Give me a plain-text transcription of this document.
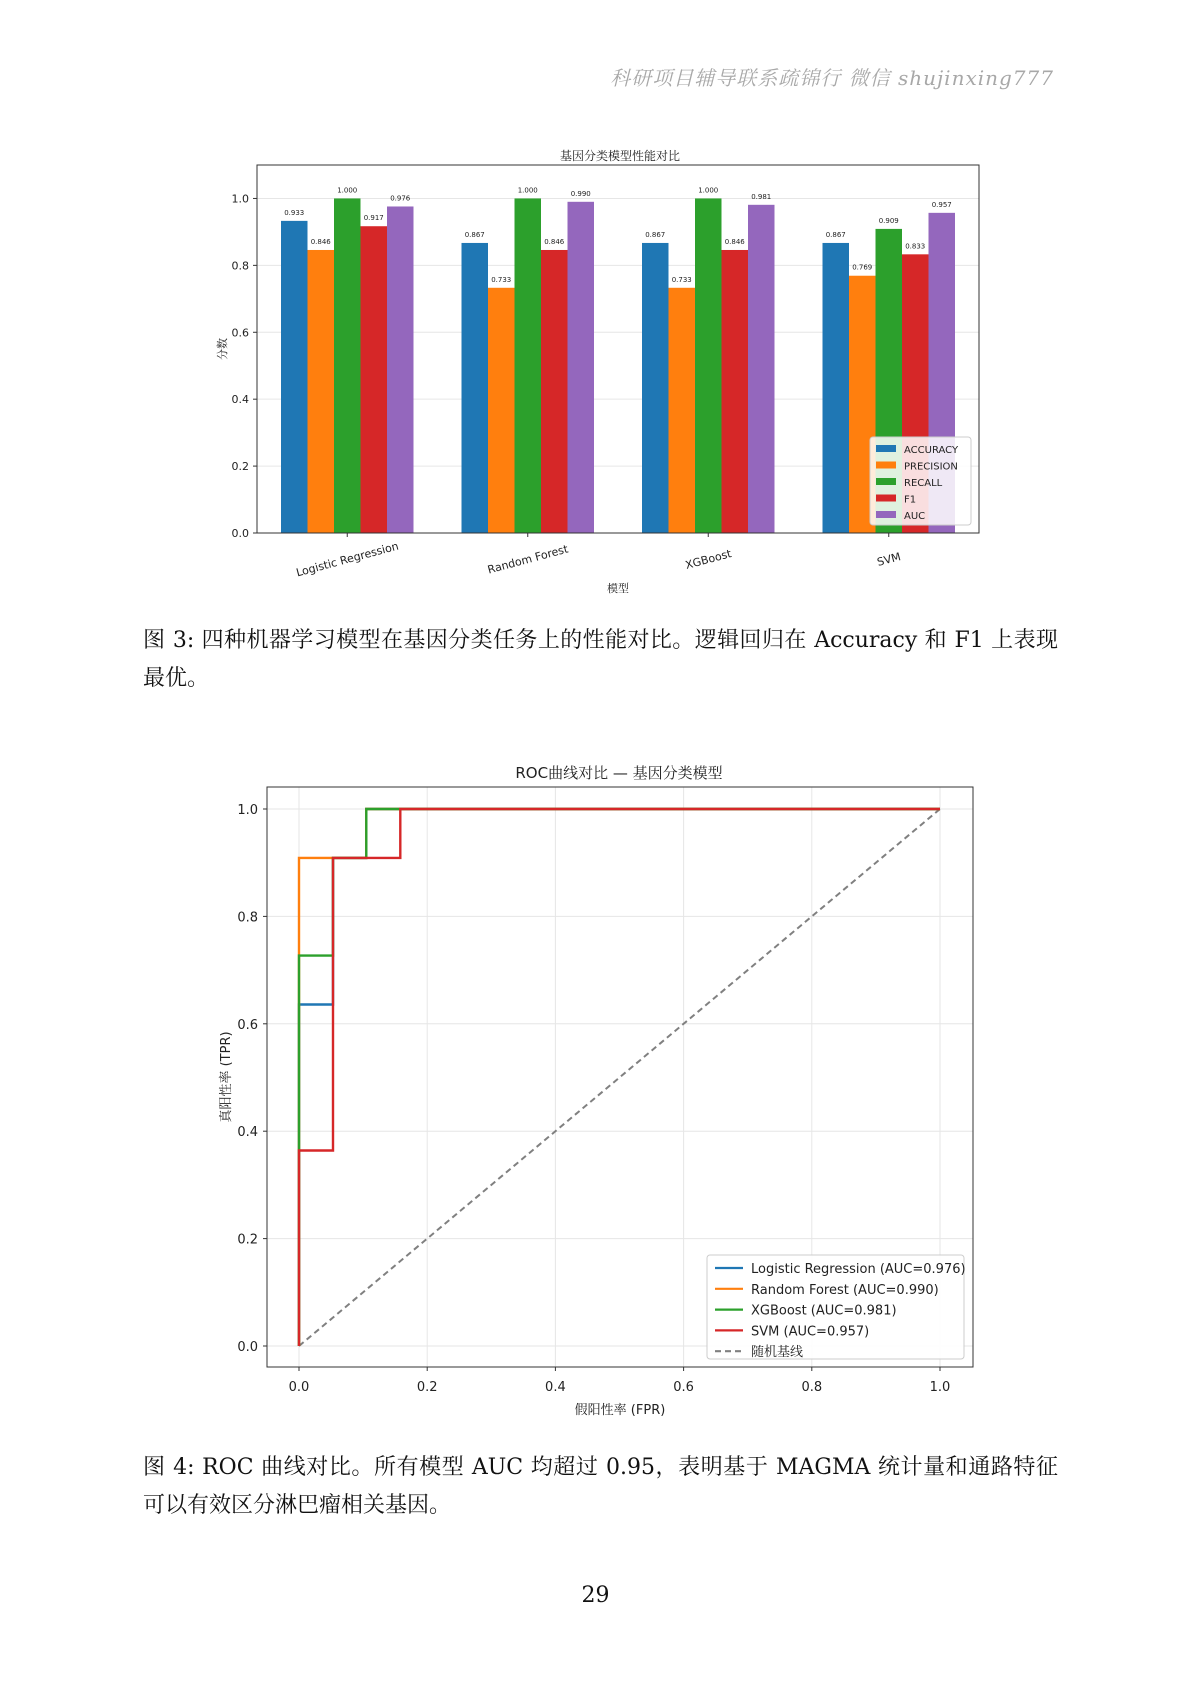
科研项目辅导联系疏锦行 微信 shujinxing777
基因分类模型性能对比
0.933
0.846
1.000
0.917
0.976
0.867
0.733
1.000
0.846
0.990
0.867
0.733
1.000
0.846
0.981
0.867
0.769
0.909
0.833
0.957
0.0
0.2
0.4
0.6
0.8
1.0
Logistic Regression	Random Forest	XGBoost	SVM
分数
模型
ACCURACY
PRECISION
RECALL
F1
AUC
图 3: 四种机器学习模型在基因分类任务上的性能对比。逻辑回归在 Accuracy 和 F1 上表现最优。
ROC曲线对比 — 基因分类模型
0.0
0.2
0.4
0.6
0.8
1.0
0.0	0.2	0.4	0.6	0.8	1.0
真阳性率 (TPR)
假阳性率 (FPR)
Logistic Regression (AUC=0.976)
Random Forest (AUC=0.990)
XGBoost (AUC=0.981)
SVM (AUC=0.957)
随机基线
图 4: ROC 曲线对比。所有模型 AUC 均超过 0.95，表明基于 MAGMA 统计量和通路特征可以有效区分淋巴瘤相关基因。
29
